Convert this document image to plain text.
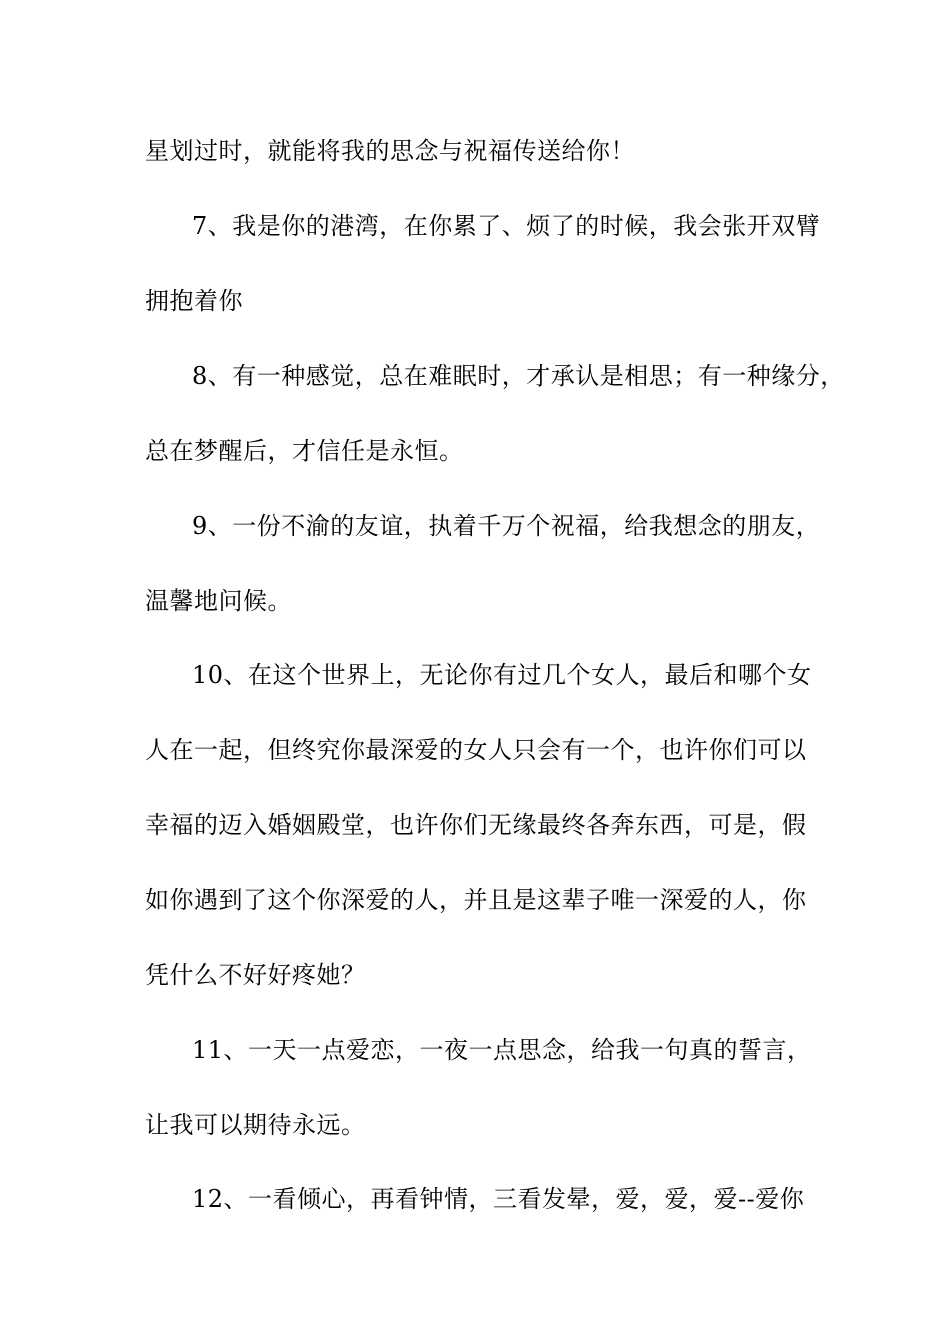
星划过时，就能将我的思念与祝福传送给你！
7、我是你的港湾，在你累了、烦了的时候，我会张开双臂
拥抱着你
8、有一种感觉，总在难眠时，才承认是相思；有一种缘分，
总在梦醒后，才信任是永恒。
9、一份不渝的友谊，执着千万个祝福，给我想念的朋友，
温馨地问候。
10、在这个世界上，无论你有过几个女人，最后和哪个女
人在一起，但终究你最深爱的女人只会有一个，也许你们可以
幸福的迈入婚姻殿堂，也许你们无缘最终各奔东西，可是，假
如你遇到了这个你深爱的人，并且是这辈子唯一深爱的人，你
凭什么不好好疼她？
11、一天一点爱恋，一夜一点思念，给我一句真的誓言，
让我可以期待永远。
12、一看倾心，再看钟情，三看发晕，爱，爱，爱--爱你
